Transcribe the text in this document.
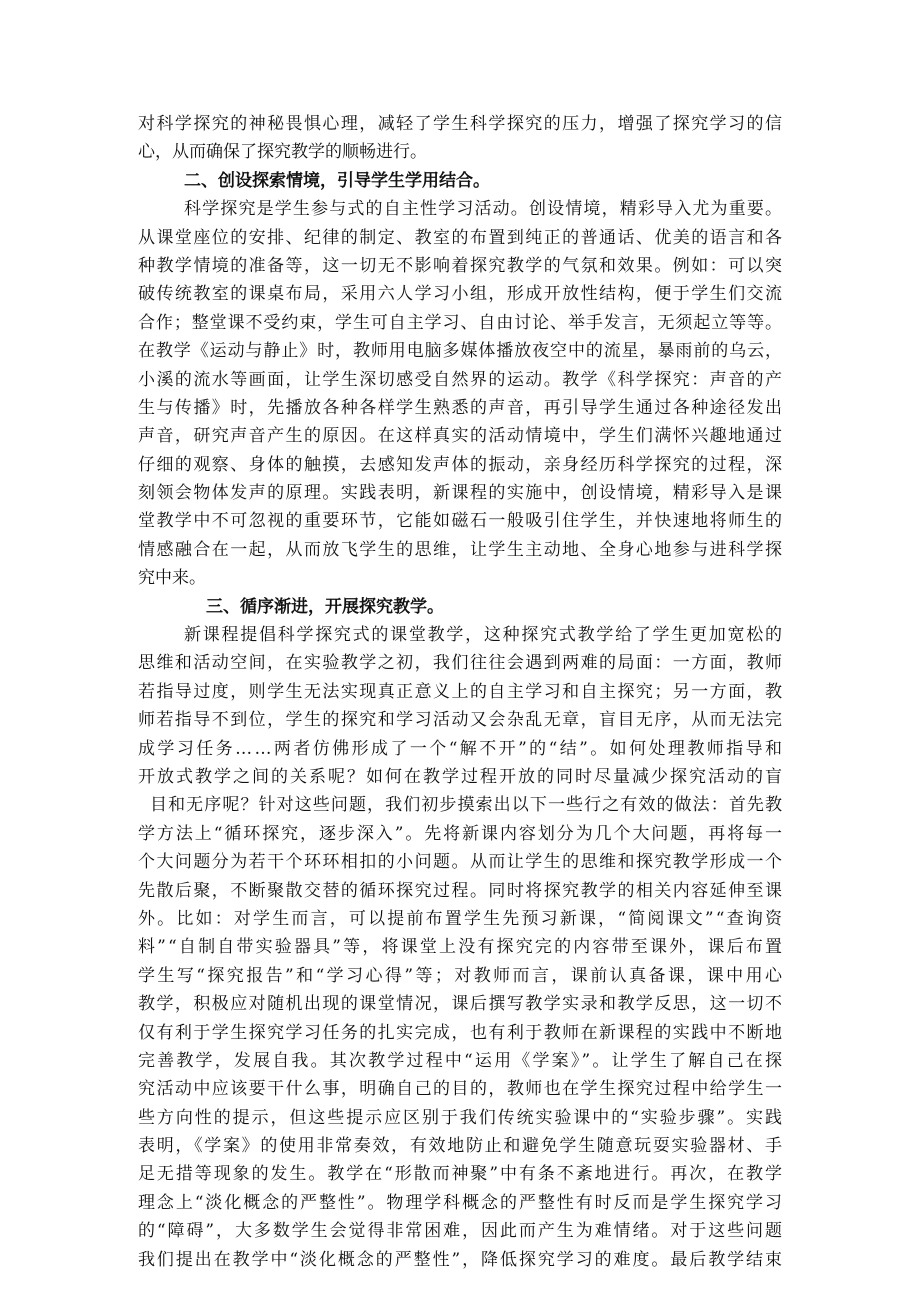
对科学探究的神秘畏惧心理，减轻了学生科学探究的压力，增强了探究学习的信
心，从而确保了探究教学的顺畅进行。
二、创设探索情境，引导学生学用结合。
科学探究是学生参与式的自主性学习活动。创设情境，精彩导入尤为重要。
从课堂座位的安排、纪律的制定、教室的布置到纯正的普通话、优美的语言和各
种教学情境的准备等，这一切无不影响着探究教学的气氛和效果。例如：可以突
破传统教室的课桌布局，采用六人学习小组，形成开放性结构，便于学生们交流
合作；整堂课不受约束，学生可自主学习、自由讨论、举手发言，无须起立等等。
在教学《运动与静止》时，教师用电脑多媒体播放夜空中的流星，暴雨前的乌云，
小溪的流水等画面，让学生深切感受自然界的运动。教学《科学探究：声音的产
生与传播》时，先播放各种各样学生熟悉的声音，再引导学生通过各种途径发出
声音，研究声音产生的原因。在这样真实的活动情境中，学生们满怀兴趣地通过
仔细的观察、身体的触摸，去感知发声体的振动，亲身经历科学探究的过程，深
刻领会物体发声的原理。实践表明，新课程的实施中，创设情境，精彩导入是课
堂教学中不可忽视的重要环节，它能如磁石一般吸引住学生，并快速地将师生的
情感融合在一起，从而放飞学生的思维，让学生主动地、全身心地参与进科学探
究中来。
三、循序渐进，开展探究教学。
新课程提倡科学探究式的课堂教学，这种探究式教学给了学生更加宽松的
思维和活动空间，在实验教学之初，我们往往会遇到两难的局面：一方面，教师
若指导过度，则学生无法实现真正意义上的自主学习和自主探究；另一方面，教
师若指导不到位，学生的探究和学习活动又会杂乱无章，盲目无序，从而无法完
成学习任务……两者仿佛形成了一个“解不开”的“结”。如何处理教师指导和
开放式教学之间的关系呢？如何在教学过程开放的同时尽量减少探究活动的盲
目和无序呢？针对这些问题，我们初步摸索出以下一些行之有效的做法：首先教
学方法上“循环探究，逐步深入”。先将新课内容划分为几个大问题，再将每一
个大问题分为若干个环环相扣的小问题。从而让学生的思维和探究教学形成一个
先散后聚，不断聚散交替的循环探究过程。同时将探究教学的相关内容延伸至课
外。比如：对学生而言，可以提前布置学生先预习新课，“简阅课文”“查询资
料”“自制自带实验器具”等，将课堂上没有探究完的内容带至课外，课后布置
学生写“探究报告”和“学习心得”等；对教师而言，课前认真备课，课中用心
教学，积极应对随机出现的课堂情况，课后撰写教学实录和教学反思，这一切不
仅有利于学生探究学习任务的扎实完成，也有利于教师在新课程的实践中不断地
完善教学，发展自我。其次教学过程中“运用《学案》”。让学生了解自己在探
究活动中应该要干什么事，明确自己的目的，教师也在学生探究过程中给学生一
些方向性的提示，但这些提示应区别于我们传统实验课中的“实验步骤”。实践
表明，《学案》的使用非常奏效，有效地防止和避免学生随意玩耍实验器材、手
足无措等现象的发生。教学在“形散而神聚”中有条不紊地进行。再次，在教学
理念上“淡化概念的严整性”。物理学科概念的严整性有时反而是学生探究学习
的“障碍”，大多数学生会觉得非常困难，因此而产生为难情绪。对于这些问题
我们提出在教学中“淡化概念的严整性”，降低探究学习的难度。最后教学结束
